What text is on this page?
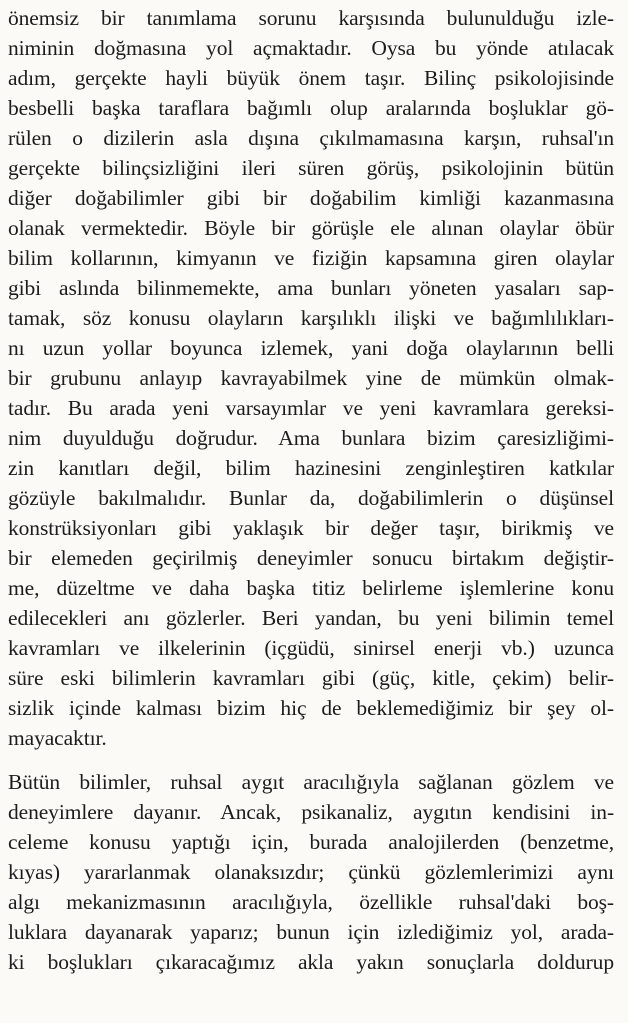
önemsiz bir tanımlama sorunu karşısında bulunulduğu izle-
niminin doğmasına yol açmaktadır. Oysa bu yönde atılacak
adım, gerçekte hayli büyük önem taşır. Bilinç psikolojisinde
besbelli başka taraflara bağımlı olup aralarında boşluklar gö-
rülen o dizilerin asla dışına çıkılmamasına karşın, ruhsal'ın
gerçekte bilinçsizliğini ileri süren görüş, psikolojinin bütün
diğer doğabilimler gibi bir doğabilim kimliği kazanmasına
olanak vermektedir. Böyle bir görüşle ele alınan olaylar öbür
bilim kollarının, kimyanın ve fiziğin kapsamına giren olaylar
gibi aslında bilinmemekte, ama bunları yöneten yasaları sap-
tamak, söz konusu olayların karşılıklı ilişki ve bağımlılıkları-
nı uzun yollar boyunca izlemek, yani doğa olaylarının belli
bir grubunu anlayıp kavrayabilmek yine de mümkün olmak-
tadır. Bu arada yeni varsayımlar ve yeni kavramlara gereksi-
nim duyulduğu doğrudur. Ama bunlara bizim çaresizliğimi-
zin kanıtları değil, bilim hazinesini zenginleştiren katkılar
gözüyle bakılmalıdır. Bunlar da, doğabilimlerin o düşünsel
konstrüksiyonları gibi yaklaşık bir değer taşır, birikmiş ve
bir elemeden geçirilmiş deneyimler sonucu birtakım değiştir-
me, düzeltme ve daha başka titiz belirleme işlemlerine konu
edilecekleri anı gözlerler. Beri yandan, bu yeni bilimin temel
kavramları ve ilkelerinin (içgüdü, sinirsel enerji vb.) uzunca
süre eski bilimlerin kavramları gibi (güç, kitle, çekim) belir-
sizlik içinde kalması bizim hiç de beklemediğimiz bir şey ol-
mayacaktır.
Bütün bilimler, ruhsal aygıt aracılığıyla sağlanan gözlem ve
deneyimlere dayanır. Ancak, psikanaliz, aygıtın kendisini in-
celeme konusu yaptığı için, burada analojilerden (benzetme,
kıyas) yararlanmak olanaksızdır; çünkü gözlemlerimizi aynı
algı mekanizmasının aracılığıyla, özellikle ruhsal'daki boş-
luklara dayanarak yaparız; bunun için izlediğimiz yol, arada-
ki boşlukları çıkaracağımız akla yakın sonuçlarla doldurup
